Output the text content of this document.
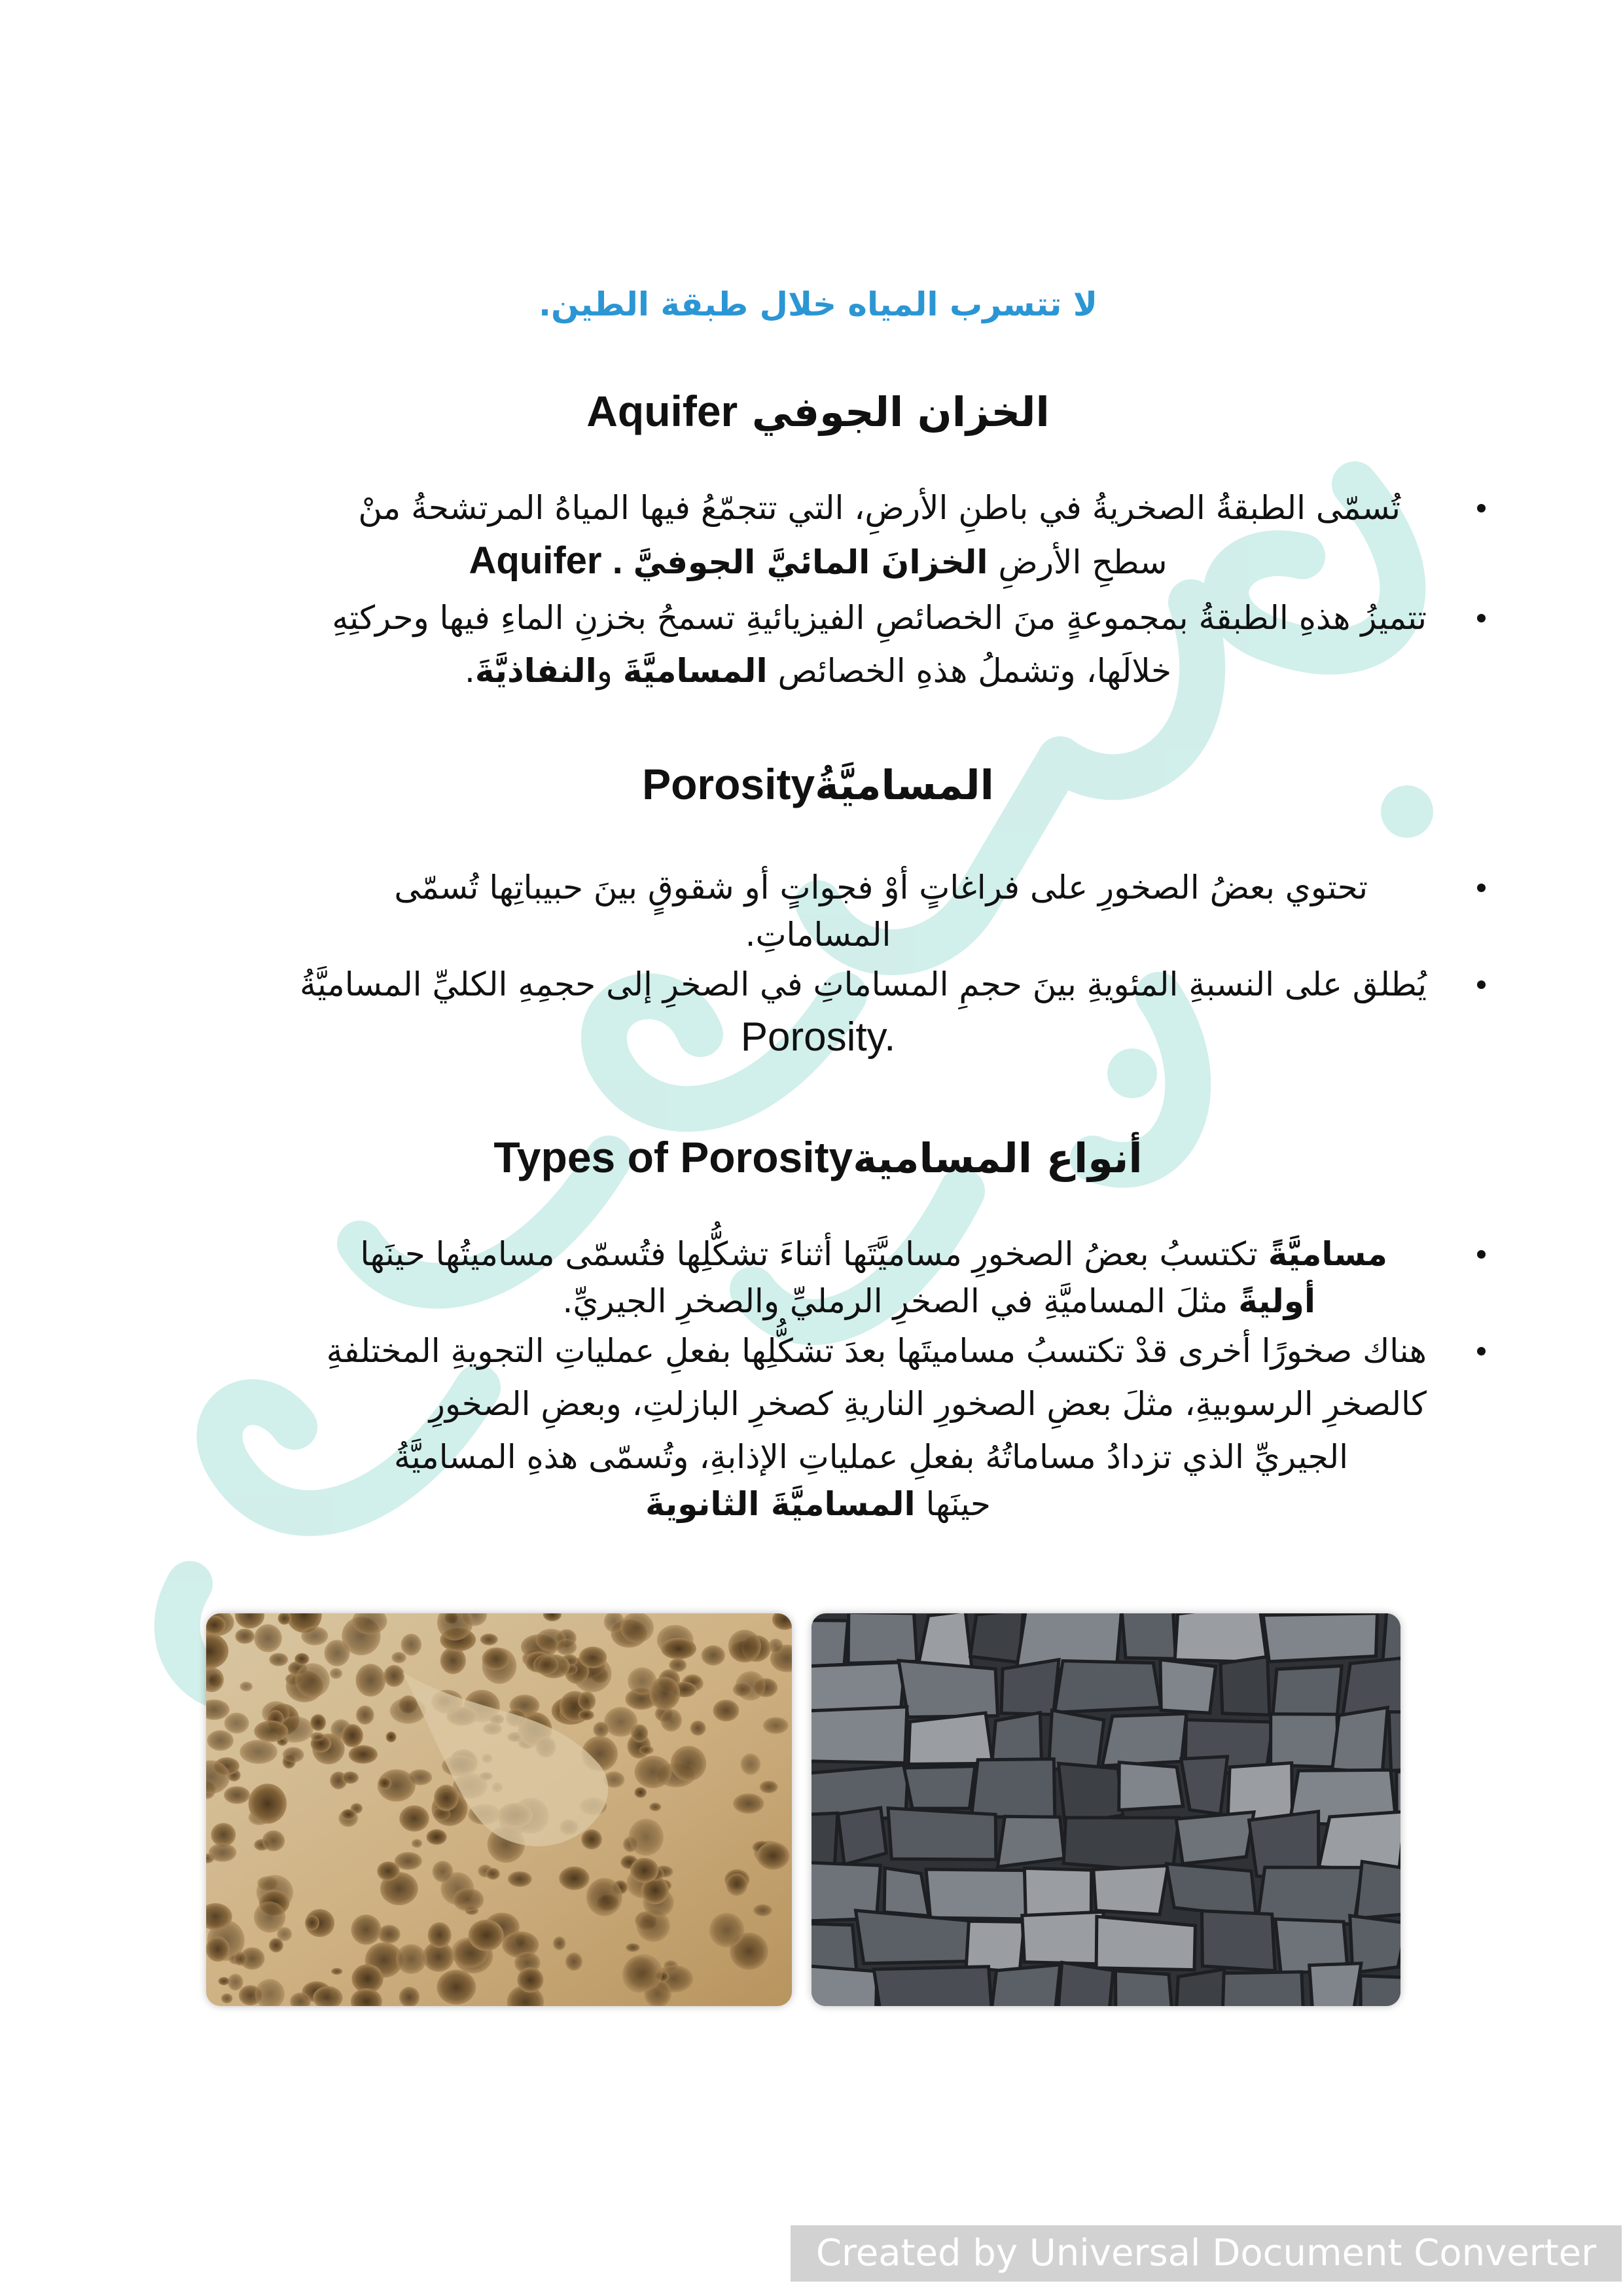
لا تتسرب المياه خلال طبقة الطين.
الخزان الجوفي Aquifer
تُسمّى الطبقةُ الصخريةُ في باطنِ الأرضِ، التي تتجمّعُ فيها المياهُ المرتشحةُ منْ
سطحِ الأرضِ الخزانَ المائيَّ الجوفيَّ Aquifer .
تتميزُ هذهِ الطبقةُ بمجموعةٍ منَ الخصائصِ الفيزيائيةِ تسمحُ بخزنِ الماءِ فيها وحركتِهِ
خلالَها، وتشملُ هذهِ الخصائص المساميَّةَ والنفاذيَّةَ.
المساميَّةُPorosity
تحتوي بعضُ الصخورِ على فراغاتٍ أوْ فجواتٍ أو شقوقٍ بينَ حبيباتِها تُسمّى
المساماتِ.
يُطلق على النسبةِ المئويةِ بينَ حجمِ المساماتِ في الصخرِ إلى حجمِهِ الكليِّ المساميَّةُ
Porosity.
أنواع المساميةTypes of Porosity
مساميَّةً تكتسبُ بعضُ الصخورِ مساميَّتَها أثناءَ تشكُّلِها فتُسمّى مساميتُها حينَها
أوليةً مثلَ المساميَّةِ في الصخرِ الرمليِّ والصخرِ الجيريِّ.
هناك صخورًا أخرى قدْ تكتسبُ مساميتَها بعدَ تشكُّلِها بفعلِ عملياتِ التجويةِ المختلفةِ
كالصخرِ الرسوبيةِ، مثلَ بعضِ الصخورِ الناريةِ كصخرِ البازلتِ، وبعضِ الصخورِ
الجيريِّ الذي تزدادُ مساماتُهُ بفعلِ عملياتِ الإذابةِ، وتُسمّى هذهِ المساميَّةُ
حينَها المساميَّةَ الثانويةَ
Created by Universal Document Converter
